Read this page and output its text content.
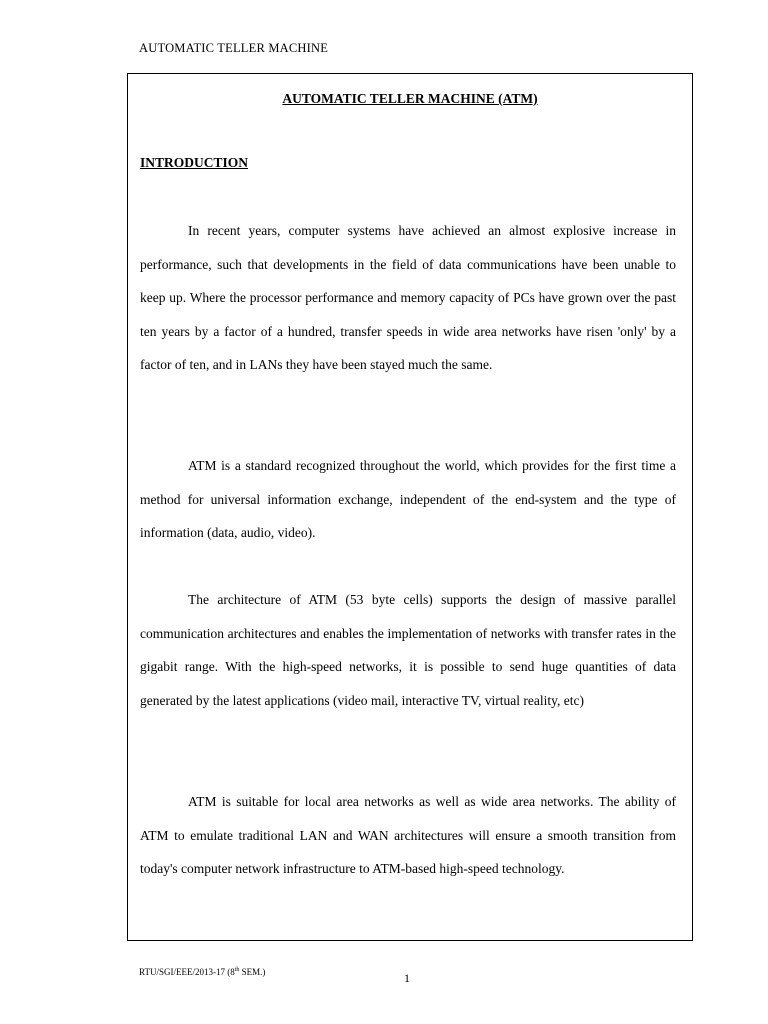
AUTOMATIC TELLER MACHINE
AUTOMATIC TELLER MACHINE (ATM)
INTRODUCTION

In recent years, computer systems have achieved an almost explosive increase in performance, such that developments in the field of data communications have been unable to keep up. Where the processor performance and memory capacity of PCs have grown over the past ten years by a factor of a hundred, transfer speeds in wide area networks have risen 'only' by a factor of ten, and in LANs they have been stayed much the same.

ATM is a standard recognized throughout the world, which provides for the first time a method for universal information exchange, independent of the end-system and the type of information (data, audio, video).

The architecture of ATM (53 byte cells) supports the design of massive parallel communication architectures and enables the implementation of networks with transfer rates in the gigabit range. With the high-speed networks, it is possible to send huge quantities of data generated by the latest applications (video mail, interactive TV, virtual reality, etc)

ATM is suitable for local area networks as well as wide area networks. The ability of ATM to emulate traditional LAN and WAN architectures will ensure a smooth transition from today's computer network infrastructure to ATM-based high-speed technology.

RTU/SGI/EEE/2013-17 (8th SEM.)	1
